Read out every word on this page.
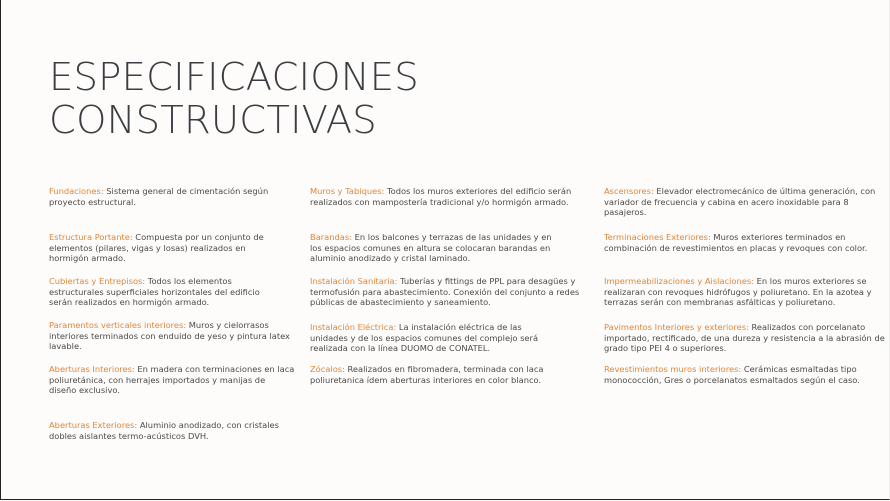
ESPECIFICACIONES
CONSTRUCTIVAS
Fundaciones: Sistema general de cimentación según proyecto estructural.
Estructura Portante: Compuesta por un conjunto de elementos (pilares, vigas y losas) realizados en hormigón armado.
Cubiertas y Entrepisos: Todos los elementos estructurales superficiales horizontales del edificio serán realizados en hormigón armado.
Paramentos verticales interiores: Muros y cielorrasos interiores terminados con enduido de yeso y pintura latex lavable.
Aberturas Interiores: En madera con terminaciones en laca poliuretánica, con herrajes importados y manijas de diseño exclusivo.
Aberturas Exteriores: Aluminio anodizado, con cristales dobles aislantes termo-acústicos DVH.
Muros y Tabiques: Todos los muros exteriores del edificio serán realizados con mampostería tradicional y/o hormigón armado.
Barandas: En los balcones y terrazas de las unidades y en los espacios comunes en altura se colocaran barandas en aluminio anodizado y cristal laminado.
Instalación Sanitaria: Tuberías y fittings de PPL para desagües y termofusión para abastecimiento. Conexión del conjunto a redes públicas de abastecimiento y saneamiento.
Instalación Eléctrica: La instalación eléctrica de las unidades y de los espacios comunes del complejo será realizada con la línea DUOMO de CONATEL.
Zócalos: Realizados en fibromadera, terminada con laca poliuretanica ídem aberturas interiores en color blanco.
Ascensores: Elevador electromecánico de última generación, con variador de frecuencia y cabina en acero inoxidable para 8 pasajeros.
Terminaciones Exteriores: Muros exteriores terminados en combinación de revestimientos en placas y revoques con color.
Impermeabilizaciones y Aislaciones: En los muros exteriores se realizaran con revoques hidrófugos y poliuretano. En la azotea y terrazas serán con membranas asfálticas y poliuretano.
Pavimentos Interiores y exteriores: Realizados con porcelanato importado, rectificado, de una dureza y resistencia a la abrasión de grado tipo PEI 4 o superiores.
Revestimientos muros interiores: Cerámicas esmaltadas tipo monococción, Gres o porcelanatos esmaltados según el caso.
